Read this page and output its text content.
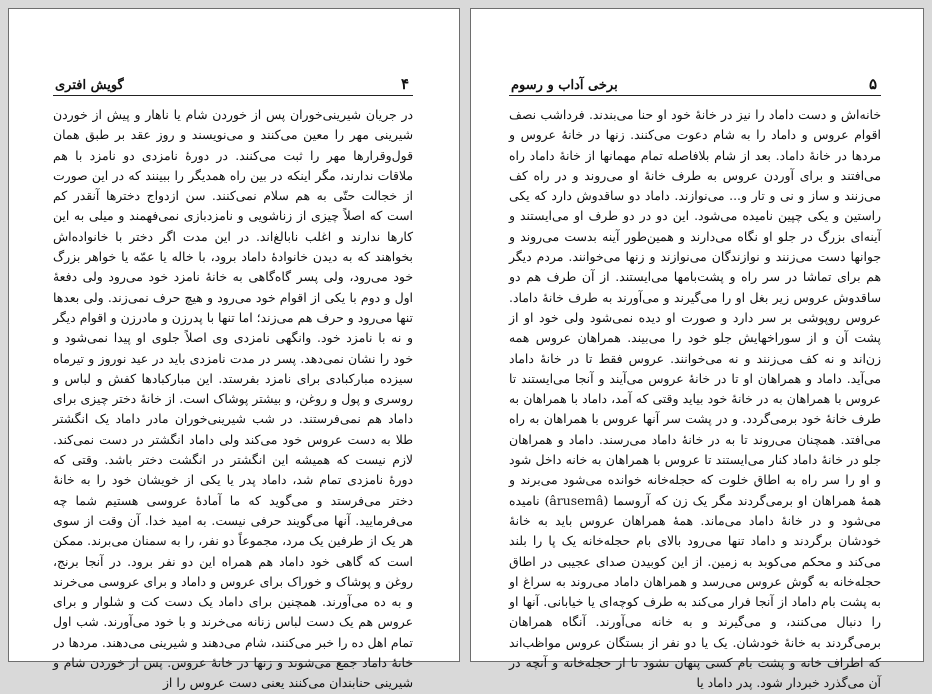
گویش افتری	۴

در جریان شیرینی‌خوران پس از خوردن شام یا ناهار و پیش از خوردن شیرینی مهر را معین می‌کنند و می‌نویسند و روز عقد بر طبق همان قول‌وقرارها مهر را ثبت می‌کنند. در دورهٔ نامزدی دو نامزد با هم ملاقات ندارند، مگر اینکه در بین راه همدیگر را ببینند که در این صورت از خجالت حتّی به هم سلام نمی‌کنند. سن ازدواج دخترها آنقدر کم است که اصلاً چیزی از زناشویی و نامزدبازی نمی‌فهمند و میلی به این کارها ندارند و اغلب نابالغ‌اند. در این مدت اگر دختر با خانواده‌اش بخواهند که به دیدن خانوادهٔ داماد برود، با خاله یا عمّه یا خواهر بزرگ خود می‌رود، ولی پسر گاه‌گاهی به خانهٔ نامزد خود می‌رود ولی دفعهٔ اول و دوم با یکی از اقوام خود می‌رود و هیچ حرف نمی‌زند. ولی بعدها تنها می‌رود و حرف هم می‌زند؛ اما تنها با پدرزن و مادرزن و اقوام دیگر و نه با نامزد خود. وانگهی نامزدی وی اصلاً جلوی او پیدا نمی‌شود و خود را نشان نمی‌دهد. پسر در مدت نامزدی باید در عید نوروز و تیرماه سیزده مبارکبادی برای نامزد بفرستد. این مبارکبادها کفش و لباس و روسری و پول و روغن، و بیشتر پوشاک است. از خانهٔ دختر چیزی برای داماد هم نمی‌فرستند. در شب شیرینی‌خوران مادر داماد یک انگشتر طلا به دست عروس خود می‌کند ولی داماد انگشتر در دست نمی‌کند. لازم نیست که همیشه این انگشتر در انگشت دختر باشد. وقتی که دورهٔ نامزدی تمام شد، داماد پدر یا یکی از خویشان خود را به خانهٔ دختر می‌فرستد و می‌گوید که ما آمادهٔ عروسی هستیم شما چه می‌فرمایید. آنها می‌گویند حرفی نیست. به امید خدا. آن وقت از سوی هر یک از طرفین یک مرد، مجموعاً دو نفر، را به سمنان می‌برند. ممکن است که گاهی خود داماد هم همراه این دو نفر برود. در آنجا برنج، روغن و پوشاک و خوراک برای عروس و داماد و برای عروسی می‌خرند و به ده می‌آورند. همچنین برای داماد یک دست کت و شلوار و برای عروس هم یک دست لباس زنانه می‌خرند و با خود می‌آورند. شب اول تمام اهل ده را خبر می‌کنند، شام می‌دهند و شیرینی می‌دهند. مردها در خانهٔ داماد جمع می‌شوند و زنها در خانهٔ عروس. پس از خوردن شام و شیرینی حنابندان می‌کنند یعنی دست عروس را از

برخی آداب و رسوم	۵

خانه‌اش و دست داماد را نیز در خانهٔ خود او حنا می‌بندند. فرداشب نصف اقوام عروس و داماد را به شام دعوت می‌کنند. زنها در خانهٔ عروس و مردها در خانهٔ داماد. بعد از شام بلافاصله تمام مهمانها از خانهٔ داماد راه می‌افتند و برای آوردن عروس به طرف خانهٔ او می‌روند و در راه کف می‌زنند و ساز و نی و تار و... می‌نوازند. داماد دو ساقدوش دارد که یکی راستین و یکی چپین نامیده می‌شود. این دو در دو طرف او می‌ایستند و آینه‌ای بزرگ در جلو او نگاه می‌دارند و همین‌طور آینه بدست می‌روند و جوانها دست می‌زنند و نوازندگان می‌نوازند و زنها می‌خوانند. مردم دیگر هم برای تماشا در سر راه و پشت‌بامها می‌ایستند. از آن طرف هم دو ساقدوش عروس زیر بغل او را می‌گیرند و می‌آورند به طرف خانهٔ داماد. عروس روپوشی بر سر دارد و صورت او دیده نمی‌شود ولی خود او از پشت آن و از سوراخهایش جلو خود را می‌بیند. همراهان عروس همه زن‌اند و نه کف می‌زنند و نه می‌خوانند. عروس فقط تا در خانهٔ داماد می‌آید. داماد و همراهان او تا در خانهٔ عروس می‌آیند و آنجا می‌ایستند تا عروس با همراهان به در خانهٔ خود بیاید وقتی که آمد، داماد با همراهان به طرف خانهٔ خود برمی‌گردد. و در پشت سر آنها عروس با همراهان به راه می‌افتد. همچنان می‌روند تا به در خانهٔ داماد می‌رسند. داماد و همراهان جلو در خانهٔ داماد کنار می‌ایستند تا عروس با همراهان به خانه داخل شود و او را سر راه به اطاق خلوت که حجله‌خانه خوانده می‌شود می‌برند و همهٔ همراهان او برمی‌گردند مگر یک زن که آروسما (ârusemâ) نامیده می‌شود و در خانهٔ داماد می‌ماند. همهٔ همراهان عروس باید به خانهٔ خودشان برگردند و داماد تنها می‌رود بالای بام حجله‌خانه یک پا را بلند می‌کند و محکم می‌کوبد به زمین. از این کوبیدن صدای عجیبی در اطاق حجله‌خانه به گوش عروس می‌رسد و همراهان داماد می‌روند به سراغ او به پشت بام داماد از آنجا فرار می‌کند به طرف کوچه‌ای یا خیابانی. آنها او را دنبال می‌کنند، و می‌گیرند و به خانه می‌آورند. آنگاه همراهان برمی‌گردند به خانهٔ خودشان. یک یا دو نفر از بستگان عروس مواظب‌اند که اطراف خانه و پشت بام کسی پنهان نشود تا از حجله‌خانه و آنچه در آن می‌گذرد خبردار شود. پدر داماد یا
